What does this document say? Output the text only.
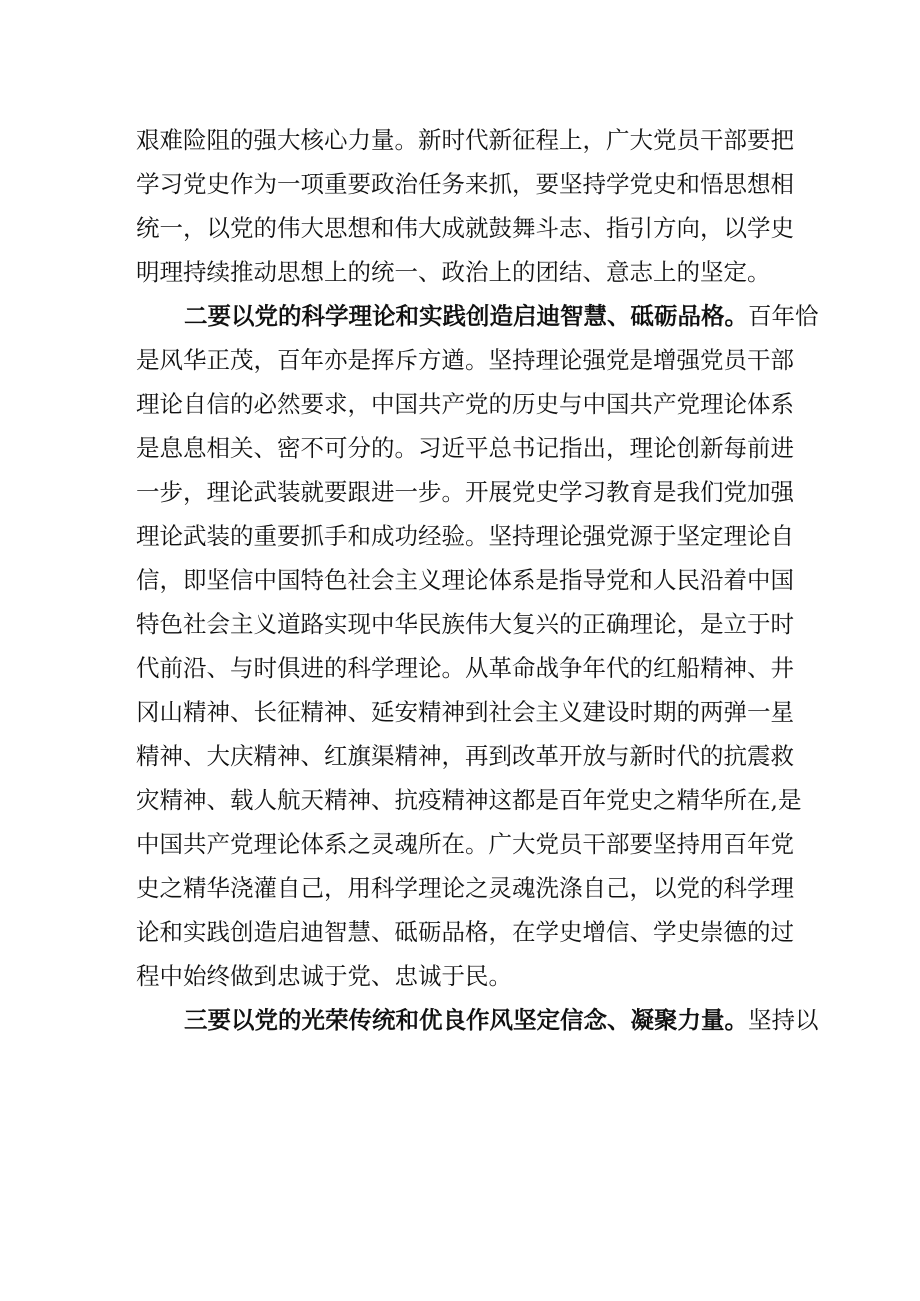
艰难险阻的强大核心力量。新时代新征程上，广大党员干部要把

学习党史作为一项重要政治任务来抓，要坚持学党史和悟思想相

统一，以党的伟大思想和伟大成就鼓舞斗志、指引方向，以学史

明理持续推动思想上的统一、政治上的团结、意志上的坚定。

二要以党的科学理论和实践创造启迪智慧、砥砺品格。百年恰

是风华正茂，百年亦是挥斥方遒。坚持理论强党是增强党员干部

理论自信的必然要求，中国共产党的历史与中国共产党理论体系

是息息相关、密不可分的。习近平总书记指出，理论创新每前进

一步，理论武装就要跟进一步。开展党史学习教育是我们党加强

理论武装的重要抓手和成功经验。坚持理论强党源于坚定理论自

信，即坚信中国特色社会主义理论体系是指导党和人民沿着中国

特色社会主义道路实现中华民族伟大复兴的正确理论，是立于时

代前沿、与时俱进的科学理论。从革命战争年代的红船精神、井

冈山精神、长征精神、延安精神到社会主义建设时期的两弹一星

精神、大庆精神、红旗渠精神，再到改革开放与新时代的抗震救

灾精神、载人航天精神、抗疫精神这都是百年党史之精华所在,是

中国共产党理论体系之灵魂所在。广大党员干部要坚持用百年党

史之精华浇灌自己，用科学理论之灵魂洗涤自己，以党的科学理

论和实践创造启迪智慧、砥砺品格，在学史增信、学史崇德的过

程中始终做到忠诚于党、忠诚于民。

三要以党的光荣传统和优良作风坚定信念、凝聚力量。坚持以
